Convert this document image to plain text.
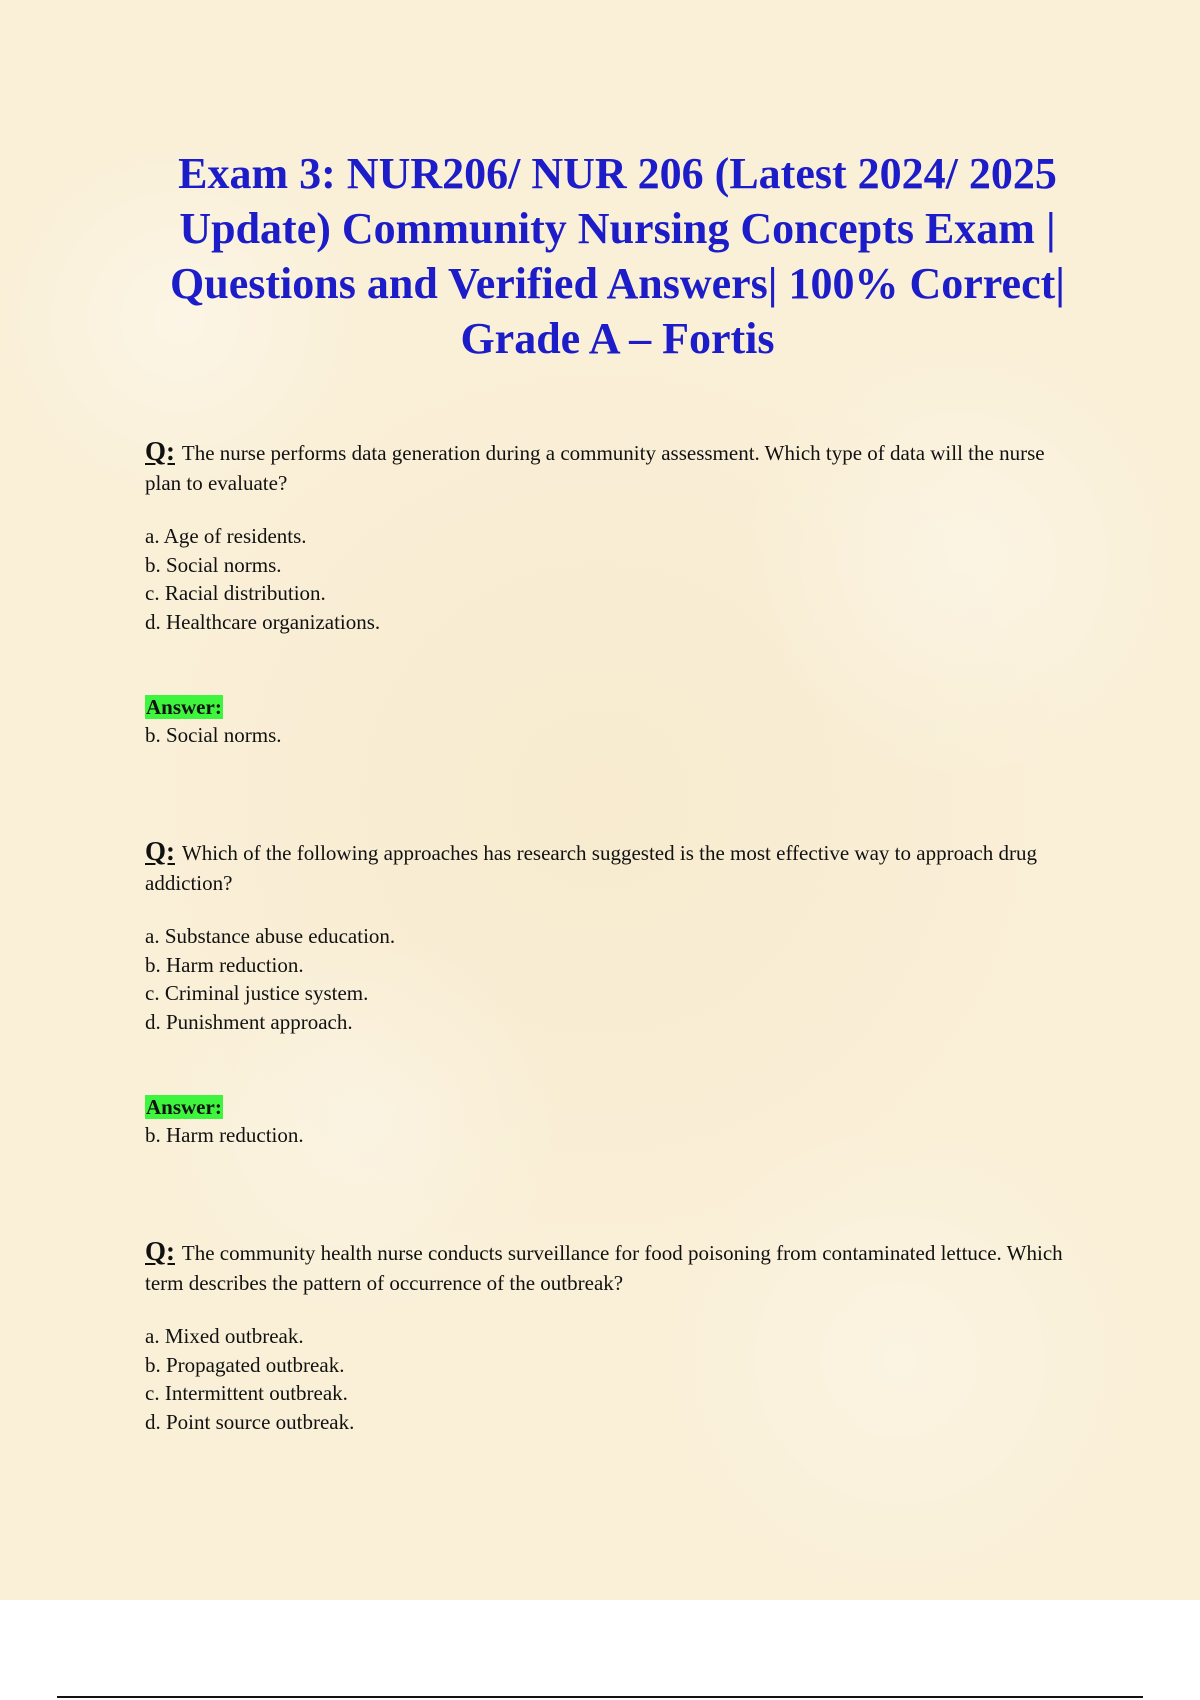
Exam 3: NUR206/ NUR 206 (Latest 2024/ 2025 Update) Community Nursing Concepts Exam | Questions and Verified Answers| 100% Correct| Grade A – Fortis

Q: The nurse performs data generation during a community assessment. Which type of data will the nurse plan to evaluate?

a. Age of residents.
b. Social norms.
c. Racial distribution.
d. Healthcare organizations.
Answer:
b. Social norms.

Q: Which of the following approaches has research suggested is the most effective way to approach drug addiction?

a. Substance abuse education.
b. Harm reduction.
c. Criminal justice system.
d. Punishment approach.
Answer:
b. Harm reduction.

Q: The community health nurse conducts surveillance for food poisoning from contaminated lettuce. Which term describes the pattern of occurrence of the outbreak?

a. Mixed outbreak.
b. Propagated outbreak.
c. Intermittent outbreak.
d. Point source outbreak.
